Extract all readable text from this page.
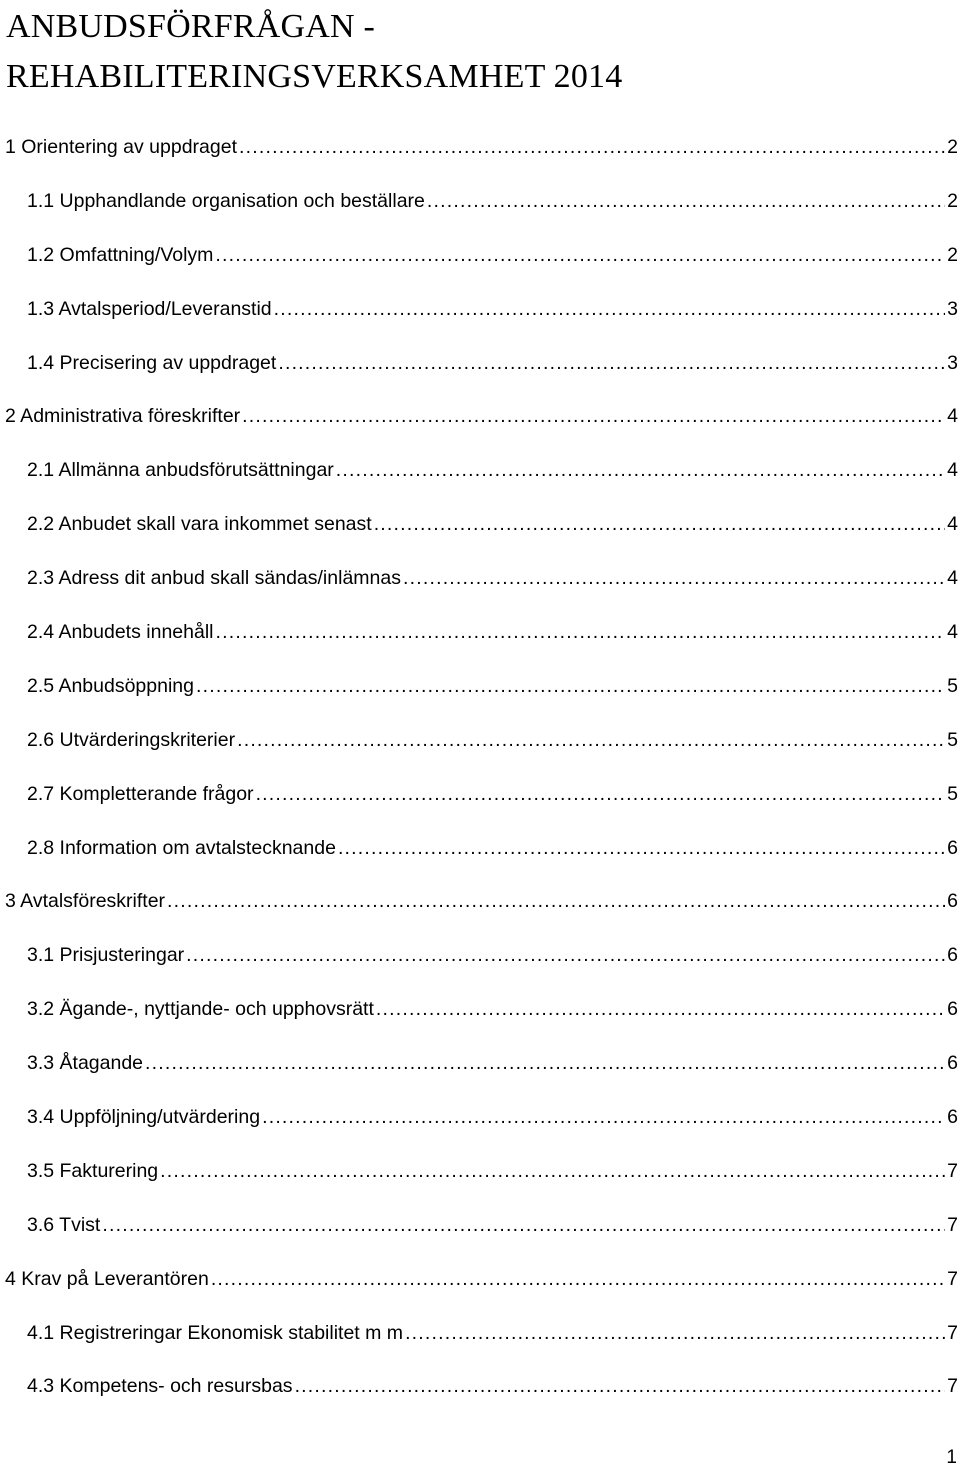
ANBUDSFÖRFRÅGAN -
REHABILITERINGSVERKSAMHET 2014
1 Orientering av uppdraget .....	2
1.1 Upphandlande organisation och beställare .....	2
1.2 Omfattning/Volym .....	2
1.3 Avtalsperiod/Leveranstid .....	3
1.4 Precisering av uppdraget .....	3
2 Administrativa föreskrifter .....	4
2.1 Allmänna anbudsförutsättningar .....	4
2.2 Anbudet skall vara inkommet senast .....	4
2.3 Adress dit anbud skall sändas/inlämnas .....	4
2.4 Anbudets innehåll .....	4
2.5 Anbudsöppning .....	5
2.6 Utvärderingskriterier .....	5
2.7 Kompletterande frågor .....	5
2.8 Information om avtalstecknande .....	6
3 Avtalsföreskrifter .....	6
3.1 Prisjusteringar .....	6
3.2 Ägande-, nyttjande- och upphovsrätt .....	6
3.3 Åtagande .....	6
3.4 Uppföljning/utvärdering .....	6
3.5 Fakturering .....	7
3.6 Tvist .....	7
4 Krav på Leverantören .....	7
4.1 Registreringar Ekonomisk stabilitet m m .....	7
4.3 Kompetens- och resursbas .....	7
1
